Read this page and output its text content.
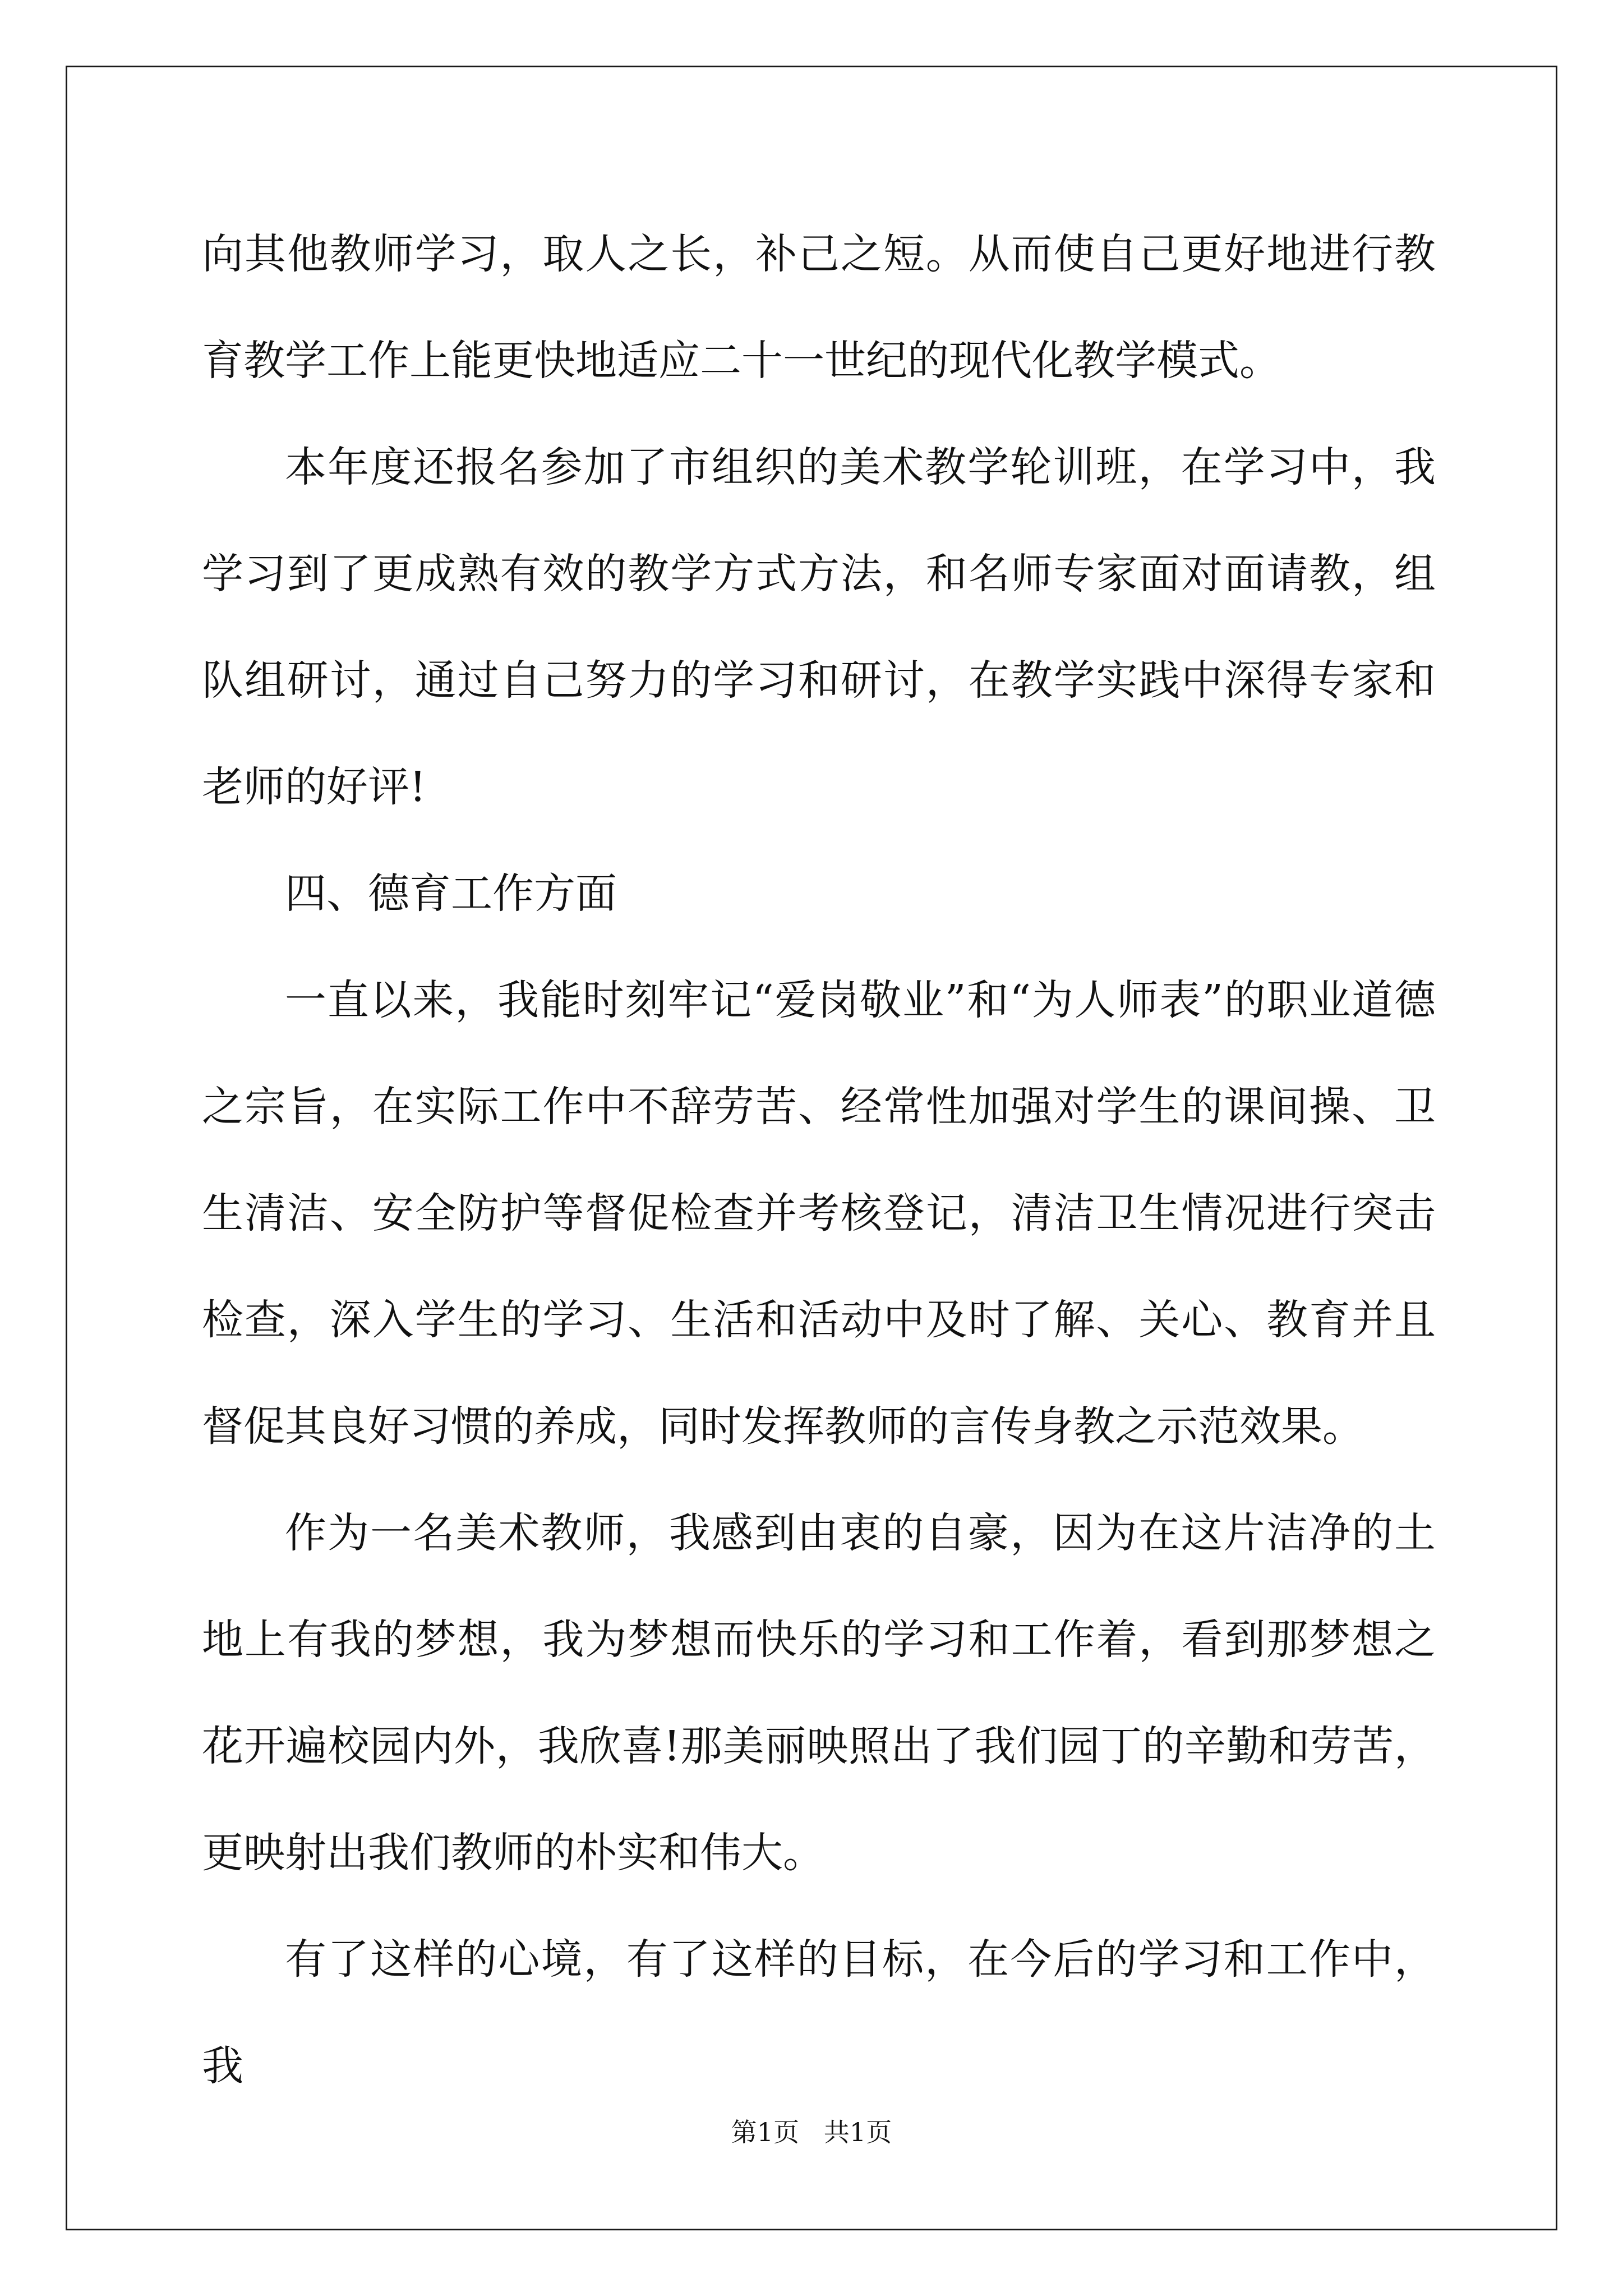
向其他教师学习，取人之长，补己之短。从而使自己更好地进行教育教学工作上能更快地适应二十一世纪的现代化教学模式。

本年度还报名参加了市组织的美术教学轮训班，在学习中，我学习到了更成熟有效的教学方式方法，和名师专家面对面请教，组队组研讨，通过自己努力的学习和研讨，在教学实践中深得专家和老师的好评!

四、德育工作方面

一直以来，我能时刻牢记“爱岗敬业”和“为人师表”的职业道德之宗旨，在实际工作中不辞劳苦、经常性加强对学生的课间操、卫生清洁、安全防护等督促检查并考核登记，清洁卫生情况进行突击检查，深入学生的学习、生活和活动中及时了解、关心、教育并且督促其良好习惯的养成，同时发挥教师的言传身教之示范效果。

作为一名美术教师，我感到由衷的自豪，因为在这片洁净的土地上有我的梦想，我为梦想而快乐的学习和工作着，看到那梦想之花开遍校园内外，我欣喜!那美丽映照出了我们园丁的辛勤和劳苦，更映射出我们教师的朴实和伟大。

有了这样的心境，有了这样的目标，在今后的学习和工作中，我

第1页   共1页
